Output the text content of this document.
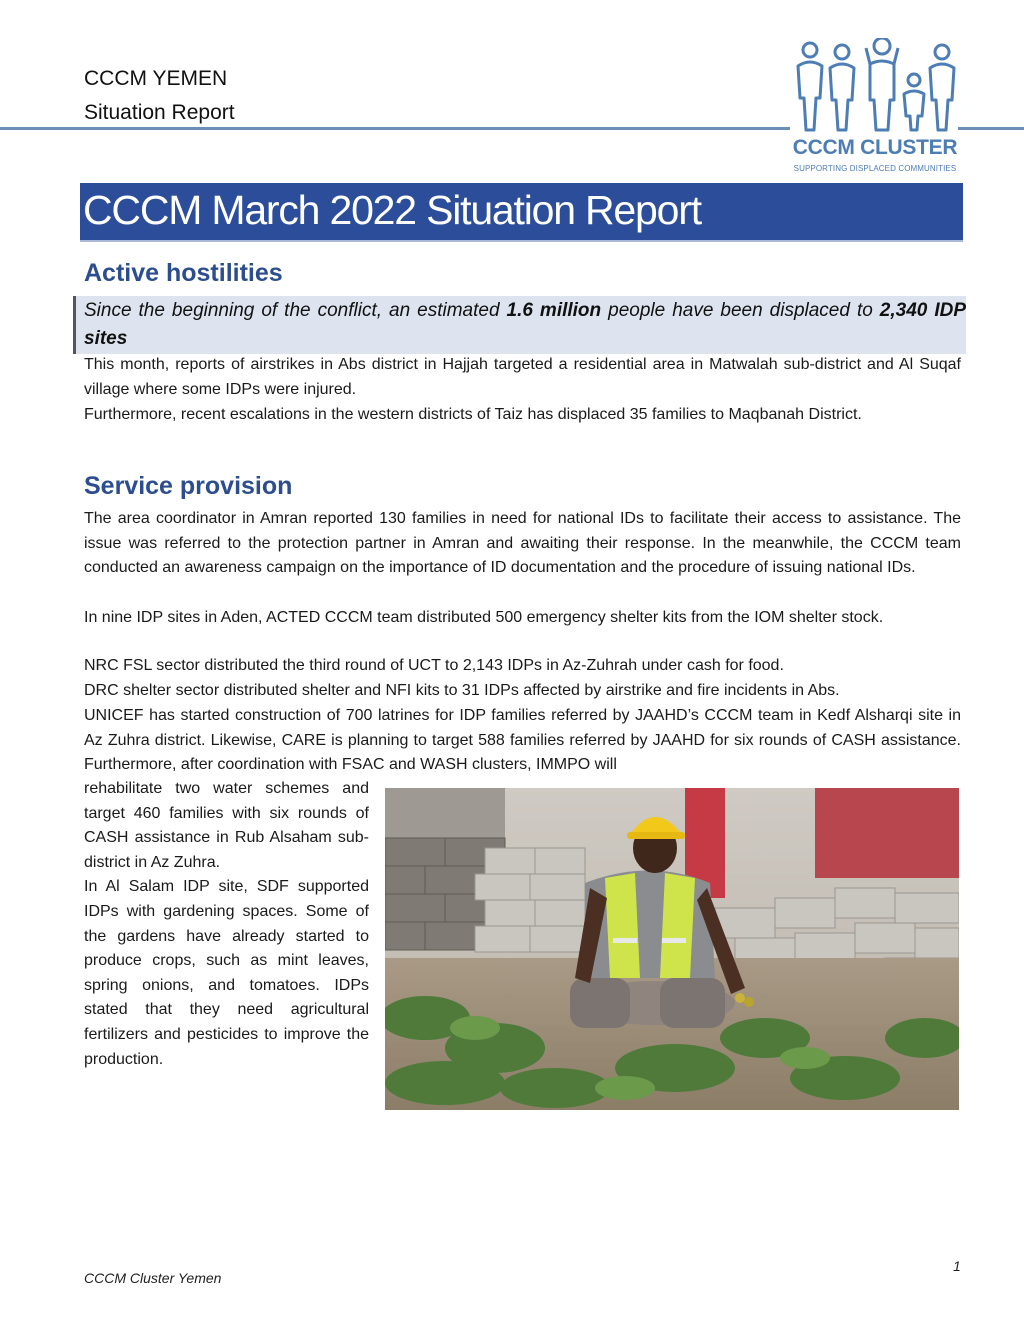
CCCM YEMEN
Situation Report
CCCM CLUSTER
SUPPORTING DISPLACED COMMUNITIES
CCCM March 2022 Situation Report
Active hostilities

Since the beginning of the conflict, an estimated 1.6 million people have been displaced to 2,340 IDP sites

This month, reports of airstrikes in Abs district in Hajjah targeted a residential area in Matwalah sub-district and Al Suqaf village where some IDPs were injured.

Furthermore, recent escalations in the western districts of Taiz has displaced 35 families to Maqbanah District.

Service provision

The area coordinator in Amran reported 130 families in need for national IDs to facilitate their access to assistance. The issue was referred to the protection partner in Amran and awaiting their response. In the meanwhile, the CCCM team conducted an awareness campaign on the importance of ID documentation and the procedure of issuing national IDs.

In nine IDP sites in Aden, ACTED CCCM team distributed 500 emergency shelter kits from the IOM shelter stock.

NRC FSL sector distributed the third round of UCT to 2,143 IDPs in Az-Zuhrah under cash for food.

DRC shelter sector distributed shelter and NFI kits to 31 IDPs affected by airstrike and fire incidents in Abs.

UNICEF has started construction of 700 latrines for IDP families referred by JAAHD’s CCCM team in Kedf Alsharqi site in Az Zuhra district. Likewise, CARE is planning to target 588 families referred by JAAHD for six rounds of CASH assistance. Furthermore, after coordination with FSAC and WASH clusters, IMMPO will

rehabilitate two water schemes and target 460 families with six rounds of CASH assistance in Rub Alsaham sub-district in Az Zuhra.

In Al Salam IDP site, SDF supported IDPs with gardening spaces. Some of the gardens have already started to produce crops, such as mint leaves, spring onions, and tomatoes. IDPs stated that they need agricultural fertilizers and pesticides to improve the production.

CCCM Cluster Yemen
1
